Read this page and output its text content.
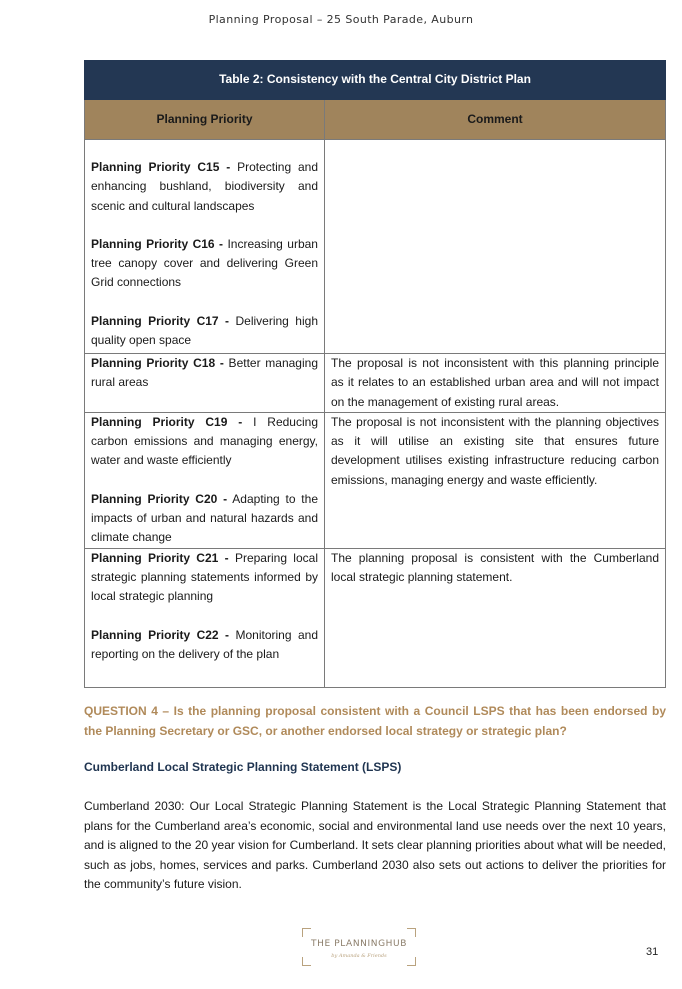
Planning Proposal – 25 South Parade, Auburn
Table 2: Consistency with the Central City District Plan	
Planning Priority	Comment

Planning Priority C15 - Protecting and enhancing bushland, biodiversity and scenic and cultural landscapes

Planning Priority C16 - Increasing urban tree canopy cover and delivering Green Grid connections

Planning Priority C17 - Delivering high quality open space	

Planning Priority C18 - Better managing rural areas	The proposal is not inconsistent with this planning principle as it relates to an established urban area and will not impact on the management of existing rural areas.

Planning Priority C19 - I Reducing carbon emissions and managing energy, water and waste efficiently

Planning Priority C20 - Adapting to the impacts of urban and natural hazards and climate change	The proposal is not inconsistent with the planning objectives as it will utilise an existing site that ensures future development utilises existing infrastructure reducing carbon emissions, managing energy and waste efficiently.

Planning Priority C21 - Preparing local strategic planning statements informed by local strategic planning

Planning Priority C22 - Monitoring and reporting on the delivery of the plan	The planning proposal is consistent with the Cumberland local strategic planning statement.

QUESTION 4 – Is the planning proposal consistent with a Council LSPS that has been endorsed by the Planning Secretary or GSC, or another endorsed local strategy or strategic plan?
Cumberland Local Strategic Planning Statement (LSPS)
Cumberland 2030: Our Local Strategic Planning Statement is the Local Strategic Planning Statement that plans for the Cumberland area’s economic, social and environmental land use needs over the next 10 years, and is aligned to the 20 year vision for Cumberland. It sets clear planning priorities about what will be needed, such as jobs, homes, services and parks. Cumberland 2030 also sets out actions to deliver the priorities for the community’s future vision.
THE PLANNINGHUB
by Amanda & Friends	31
